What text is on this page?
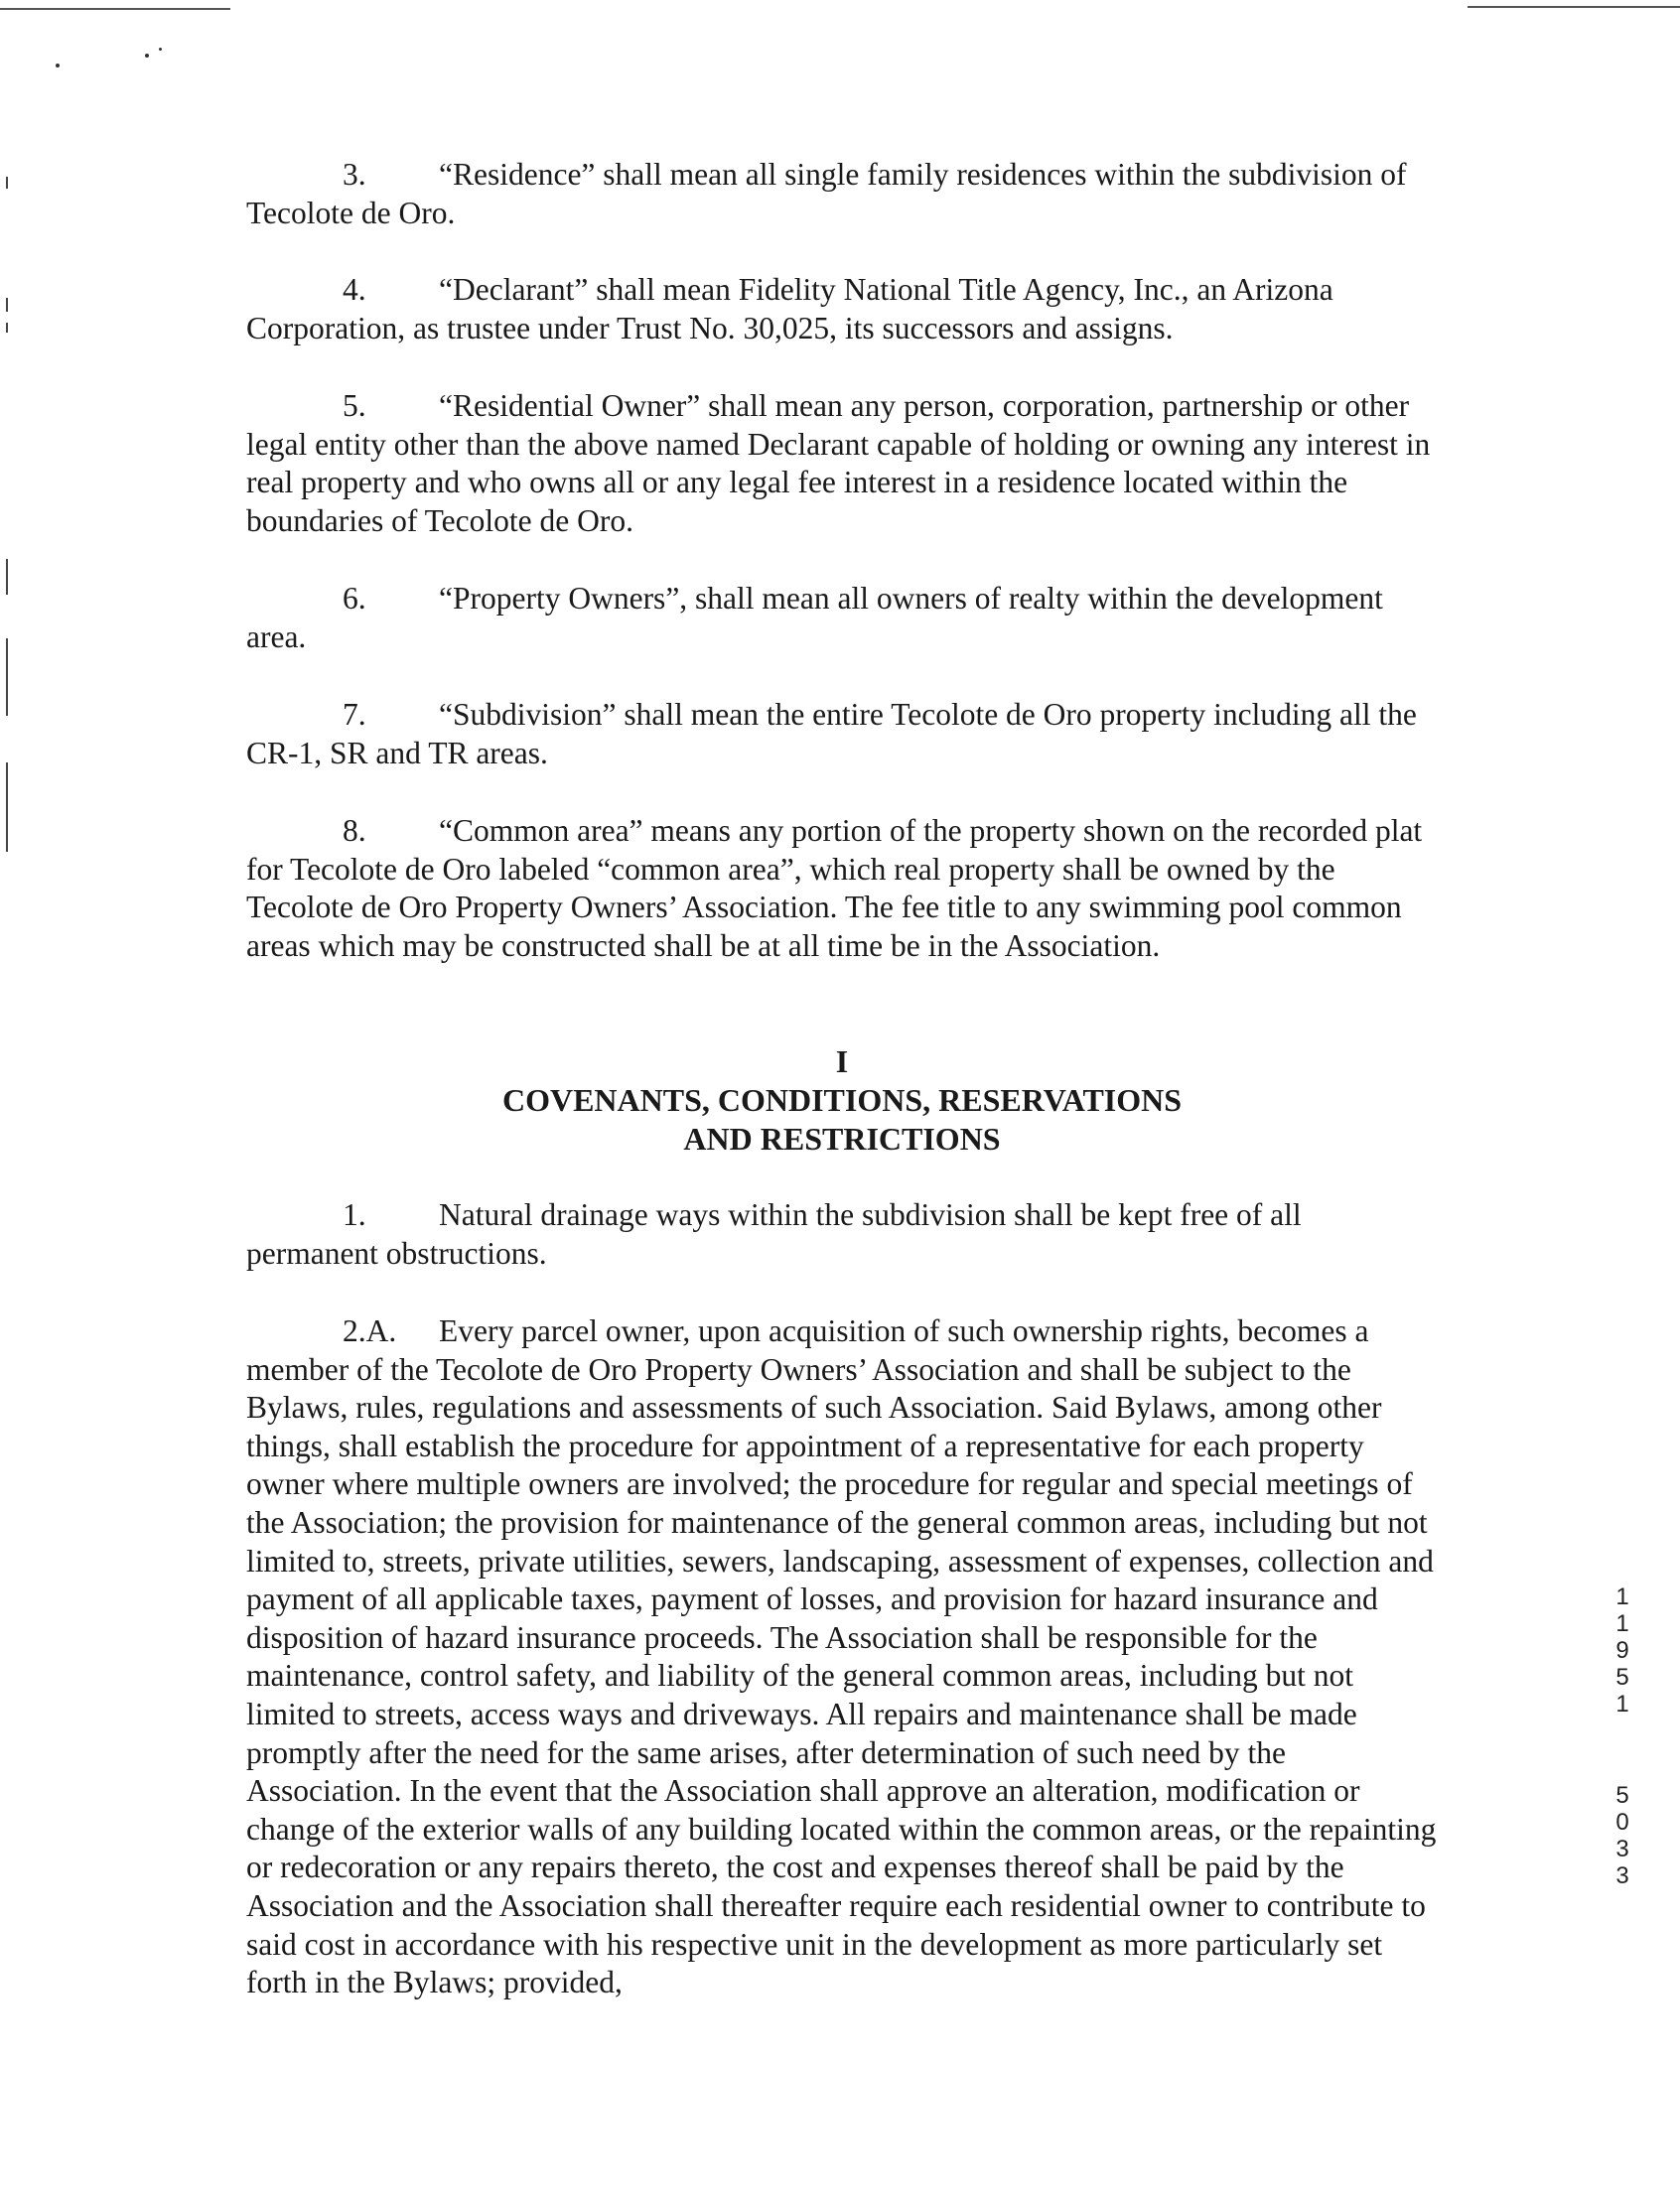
3. “Residence” shall mean all single family residences within the subdivision of Tecolote de Oro.

4. “Declarant” shall mean Fidelity National Title Agency, Inc., an Arizona Corporation, as trustee under Trust No. 30,025, its successors and assigns.

5. “Residential Owner” shall mean any person, corporation, partnership or other legal entity other than the above named Declarant capable of holding or owning any interest in real property and who owns all or any legal fee interest in a residence located within the boundaries of Tecolote de Oro.

6. “Property Owners”, shall mean all owners of realty within the development area.

7. “Subdivision” shall mean the entire Tecolote de Oro property including all the CR-1, SR and TR areas.

8. “Common area” means any portion of the property shown on the recorded plat for Tecolote de Oro labeled “common area”, which real property shall be owned by the Tecolote de Oro Property Owners’ Association. The fee title to any swimming pool common areas which may be constructed shall be at all time be in the Association.

I

COVENANTS, CONDITIONS, RESERVATIONS

AND RESTRICTIONS

1. Natural drainage ways within the subdivision shall be kept free of all permanent obstructions.

2.A. Every parcel owner, upon acquisition of such ownership rights, becomes a member of the Tecolote de Oro Property Owners’ Association and shall be subject to the Bylaws, rules, regulations and assessments of such Association. Said Bylaws, among other things, shall establish the procedure for appointment of a representative for each property owner where multiple owners are involved; the procedure for regular and special meetings of the Association; the provision for maintenance of the general common areas, including but not limited to, streets, private utilities, sewers, landscaping, assessment of expenses, collection and payment of all applicable taxes, payment of losses, and provision for hazard insurance and disposition of hazard insurance proceeds. The Association shall be responsible for the maintenance, control safety, and liability of the general common areas, including but not limited to streets, access ways and driveways. All repairs and maintenance shall be made promptly after the need for the same arises, after determination of such need by the Association. In the event that the Association shall approve an alteration, modification or change of the exterior walls of any building located within the common areas, or the repainting or redecoration or any repairs thereto, the cost and expenses thereof shall be paid by the Association and the Association shall thereafter require each residential owner to contribute to said cost in accordance with his respective unit in the development as more particularly set forth in the Bylaws; provided,

11951
5033
